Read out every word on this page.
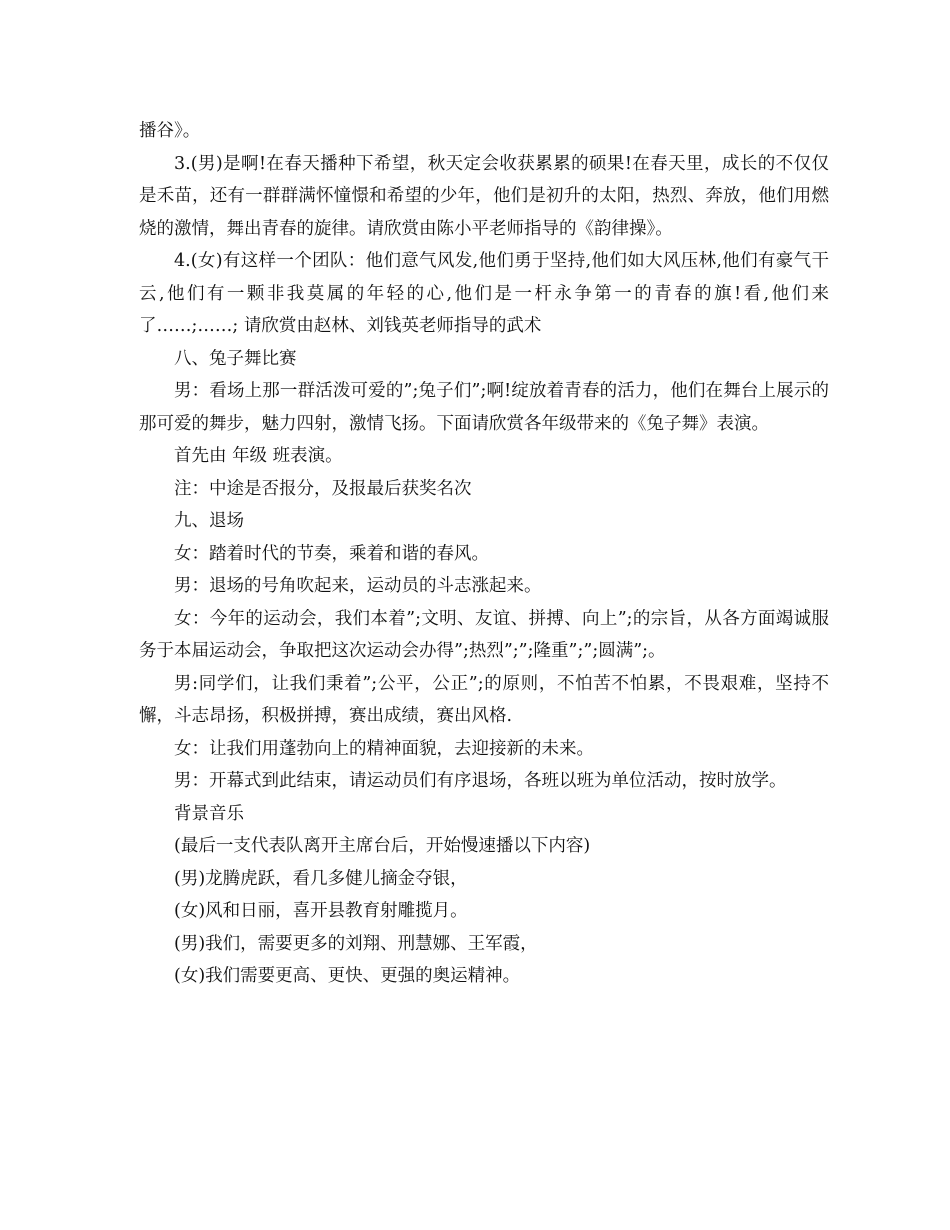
播谷》。

3.(男)是啊!在春天播种下希望，秋天定会收获累累的硕果!在春天里，成长的不仅仅是禾苗，还有一群群满怀憧憬和希望的少年，他们是初升的太阳，热烈、奔放，他们用燃烧的激情，舞出青春的旋律。请欣赏由陈小平老师指导的《韵律操》。

4.(女)有这样一个团队：他们意气风发,他们勇于坚持,他们如大风压林,他们有豪气干云,他们有一颗非我莫属的年轻的心,他们是一杆永争第一的青春的旗!看,他们来了……;……; 请欣赏由赵林、刘钱英老师指导的武术

八、兔子舞比赛

男：看场上那一群活泼可爱的”;兔子们”;啊!绽放着青春的活力，他们在舞台上展示的那可爱的舞步，魅力四射，激情飞扬。下面请欣赏各年级带来的《兔子舞》表演。

首先由 年级 班表演。

注：中途是否报分，及报最后获奖名次

九、退场

女：踏着时代的节奏，乘着和谐的春风。

男：退场的号角吹起来，运动员的斗志涨起来。

女：今年的运动会，我们本着”;文明、友谊、拼搏、向上”;的宗旨，从各方面竭诚服务于本届运动会，争取把这次运动会办得”;热烈”;”;隆重”;”;圆满”;。

男:同学们，让我们秉着”;公平，公正”;的原则，不怕苦不怕累，不畏艰难，坚持不懈，斗志昂扬，积极拼搏，赛出成绩，赛出风格.

女：让我们用蓬勃向上的精神面貌，去迎接新的未来。

男：开幕式到此结束，请运动员们有序退场，各班以班为单位活动，按时放学。

背景音乐

(最后一支代表队离开主席台后，开始慢速播以下内容)

(男)龙腾虎跃，看几多健儿摘金夺银，

(女)风和日丽，喜开县教育射雕揽月。

(男)我们，需要更多的刘翔、刑慧娜、王军霞，

(女)我们需要更高、更快、更强的奥运精神。
